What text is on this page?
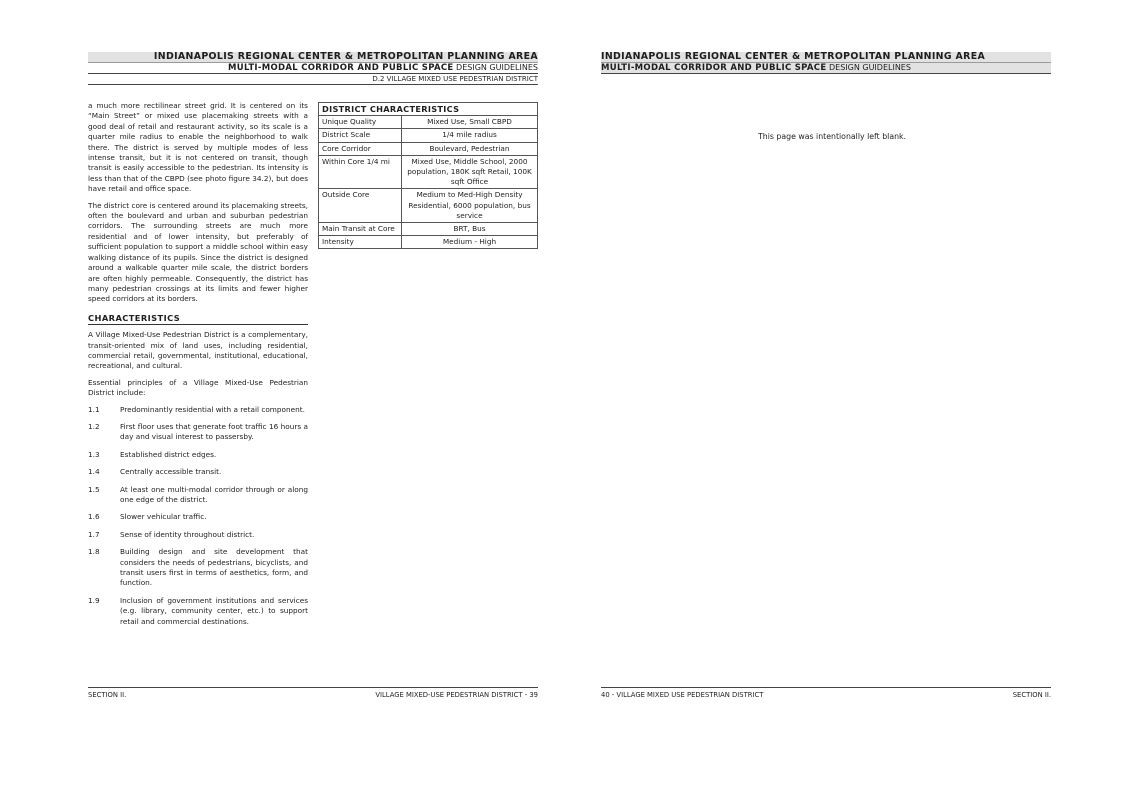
INDIANAPOLIS REGIONAL CENTER & METROPOLITAN PLANNING AREA
MULTI-MODAL CORRIDOR AND PUBLIC SPACE DESIGN GUIDELINES
D.2 VILLAGE MIXED USE PEDESTRIAN DISTRICT

a much more rectilinear street grid. It is centered on its “Main Street” or mixed use placemaking streets with a good deal of retail and restaurant activity, so its scale is a quarter mile radius to enable the neighborhood to walk there. The district is served by multiple modes of less intense transit, but it is not centered on transit, though transit is easily accessible to the pedestrian. Its intensity is less than that of the CBPD (see photo figure 34.2), but does have retail and office space.

The district core is centered around its placemaking streets, often the boulevard and urban and suburban pedestrian corridors. The surrounding streets are much more residential and of lower intensity, but preferably of sufficient population to support a middle school within easy walking distance of its pupils. Since the district is designed around a walkable quarter mile scale, the district borders are often highly permeable. Consequently, the district has many pedestrian crossings at its limits and fewer higher speed corridors at its borders.

CHARACTERISTICS

A Village Mixed-Use Pedestrian District is a complementary, transit-oriented mix of land uses, including residential, commercial retail, governmental, institutional, educational, recreational, and cultural.

Essential principles of a Village Mixed-Use Pedestrian District include:

1.1	Predominantly residential with a retail component.
1.2	First floor uses that generate foot traffic 16 hours a day and visual interest to passersby.
1.3	Established district edges.
1.4	Centrally accessible transit.
1.5	At least one multi-modal corridor through or along one edge of the district.
1.6	Slower vehicular traffic.
1.7	Sense of identity throughout district.
1.8	Building design and site development that considers the needs of pedestrians, bicyclists, and transit users first in terms of aesthetics, form, and function.
1.9	Inclusion of government institutions and services (e.g. library, community center, etc.) to support retail and commercial destinations.
DISTRICT CHARACTERISTICS	
Unique Quality	Mixed Use, Small CBPD
District Scale	1/4 mile radius
Core Corridor	Boulevard, Pedestrian
Within Core 1/4 mi	Mixed Use, Middle School, 2000 population, 180K sqft Retail, 100K sqft Office
Outside Core	Medium to Med-High Density Residential, 6000 population, bus service
Main Transit at Core	BRT, Bus
Intensity	Medium - High
SECTION II.	VILLAGE MIXED-USE PEDESTRIAN DISTRICT - 39
INDIANAPOLIS REGIONAL CENTER & METROPOLITAN PLANNING AREA
MULTI-MODAL CORRIDOR AND PUBLIC SPACE DESIGN GUIDELINES
This page was intentionally left blank.
40 - VILLAGE MIXED USE PEDESTRIAN DISTRICT	SECTION II.
